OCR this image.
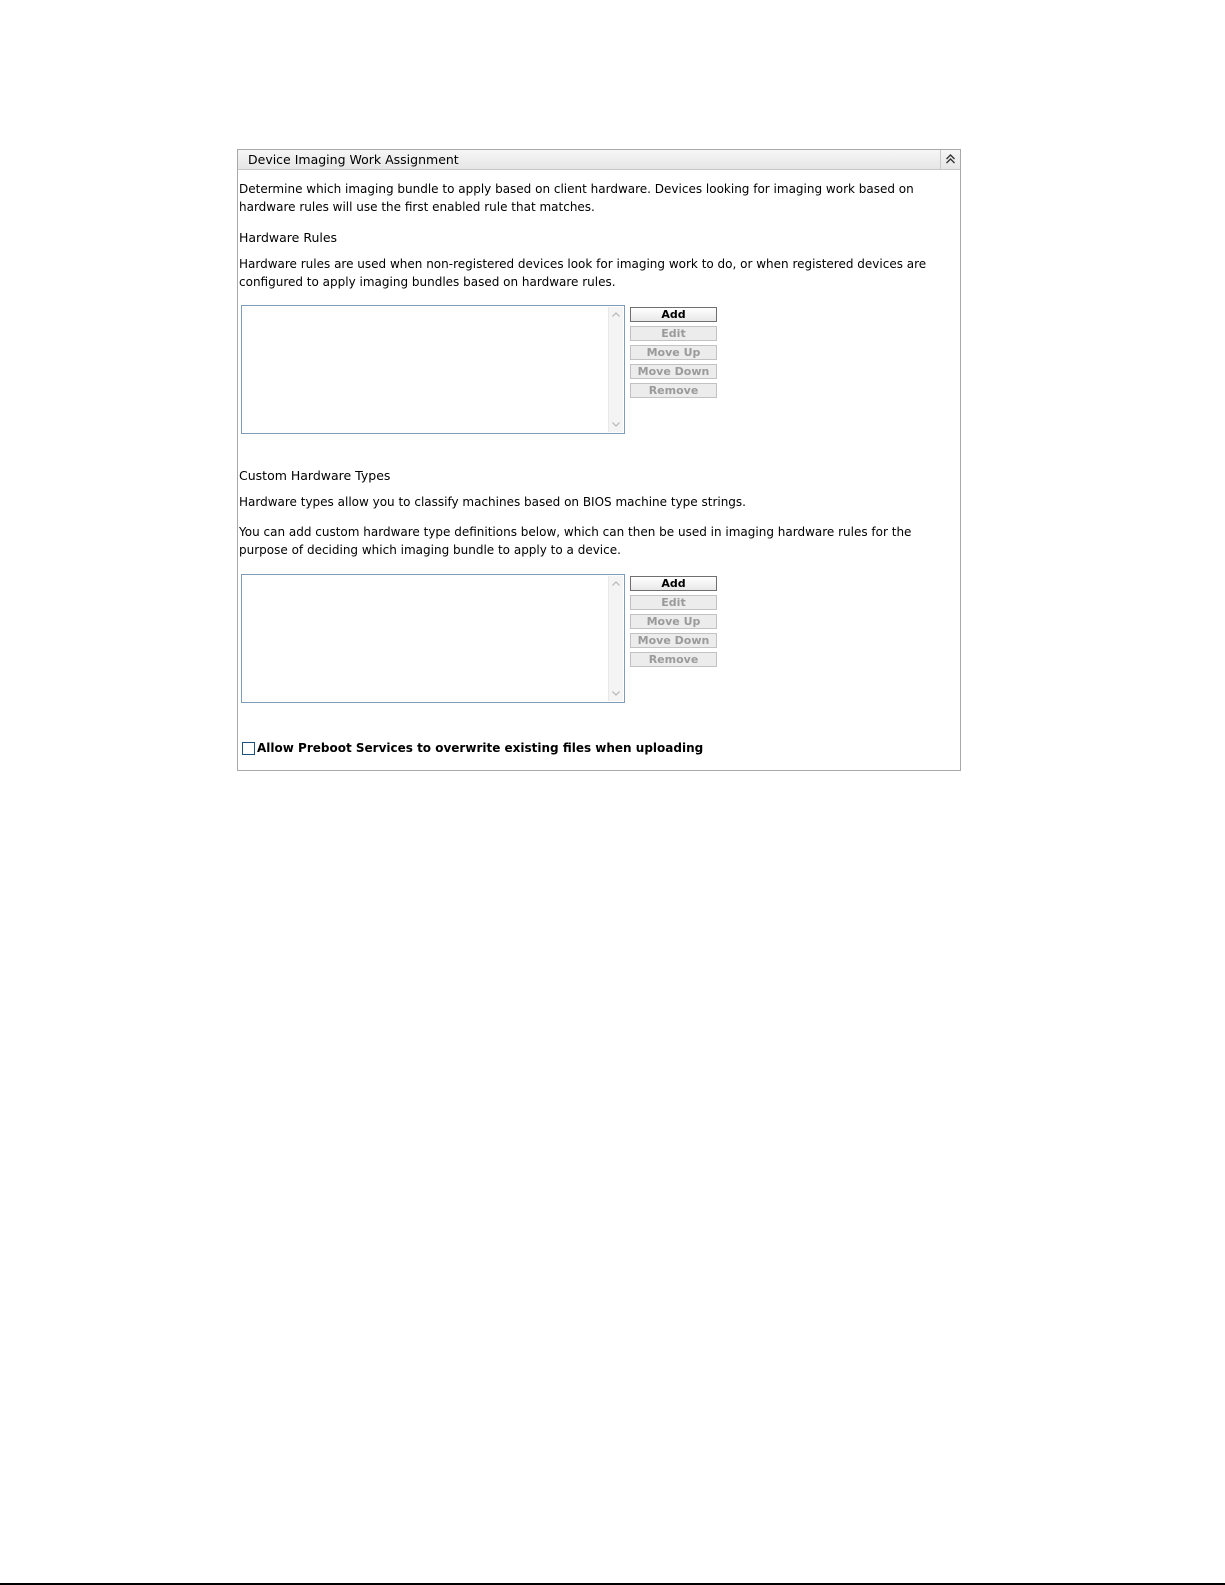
Device Imaging Work Assignment
Determine which imaging bundle to apply based on client hardware. Devices looking for imaging work based on hardware rules will use the first enabled rule that matches.
Hardware Rules
Hardware rules are used when non-registered devices look for imaging work to do, or when registered devices are configured to apply imaging bundles based on hardware rules.
Add
Edit
Move Up
Move Down
Remove
Custom Hardware Types
Hardware types allow you to classify machines based on BIOS machine type strings.
You can add custom hardware type definitions below, which can then be used in imaging hardware rules for the purpose of deciding which imaging bundle to apply to a device.
Add
Edit
Move Up
Move Down
Remove
Allow Preboot Services to overwrite existing files when uploading
